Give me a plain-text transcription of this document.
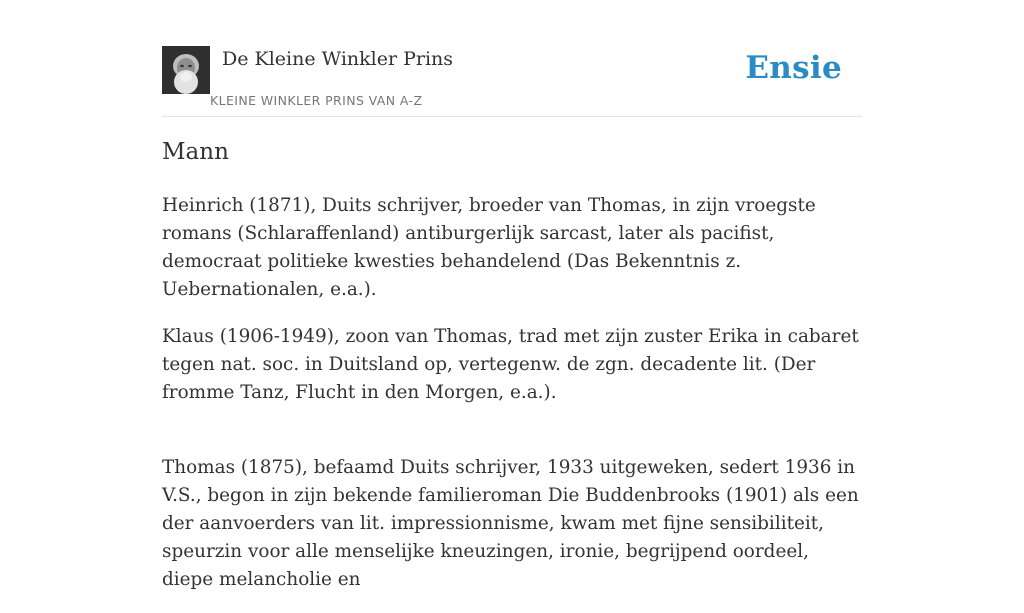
De Kleine Winkler Prins
KLEINE WINKLER PRINS VAN A-Z
Ensie
Mann

Heinrich (1871), Duits schrijver, broeder van Thomas, in zijn vroegste romans (Schlaraffenland) antiburgerlijk sarcast, later als pacifist, democraat politieke kwesties behandelend (Das Bekenntnis z. Uebernationalen, e.a.).

Klaus (1906-1949), zoon van Thomas, trad met zijn zuster Erika in cabaret tegen nat. soc. in Duitsland op, vertegenw. de zgn. decadente lit. (Der fromme Tanz, Flucht in den Morgen, e.a.).

Thomas (1875), befaamd Duits schrijver, 1933 uitgeweken, sedert 1936 in V.S., begon in zijn bekende familieroman Die Buddenbrooks (1901) als een der aanvoerders van lit. impressionnisme, kwam met fijne sensibiliteit, speurzin voor alle menselijke kneuzingen, ironie, begrijpend oordeel, diepe melancholie en
